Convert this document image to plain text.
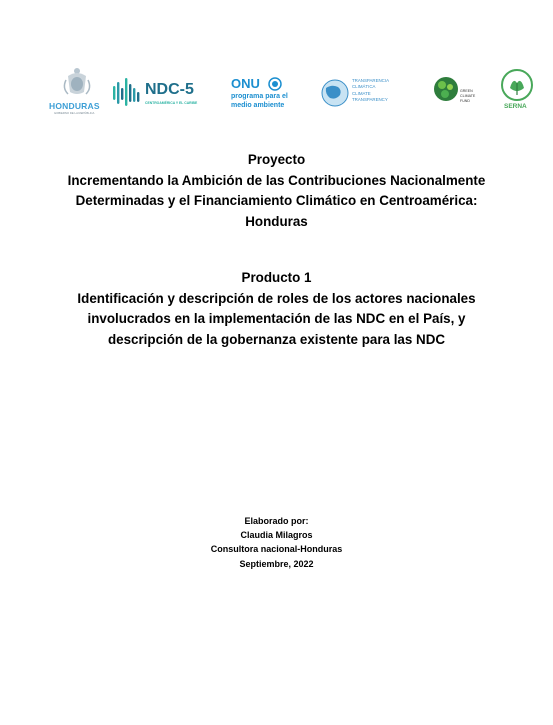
HONDURAS
GOBIERNO DE LA REPÚBLICA
NDC-5
CENTROAMÉRICA Y EL CARIBE
ONU
programa para el
medio ambiente
TRANSPARENCIA
CLIMÁTICA
CLIMATE
TRANSPARENCY
GREEN
CLIMATE
FUND
SERNA
Proyecto
Incrementando la Ambición de las Contribuciones Nacionalmente
Determinadas y el Financiamiento Climático en Centroamérica:
Honduras
Producto 1
Identificación y descripción de roles de los actores nacionales
involucrados en la implementación de las NDC en el País, y
descripción de la gobernanza existente para las NDC
Elaborado por:
Claudia Milagros
Consultora nacional-Honduras
Septiembre, 2022
